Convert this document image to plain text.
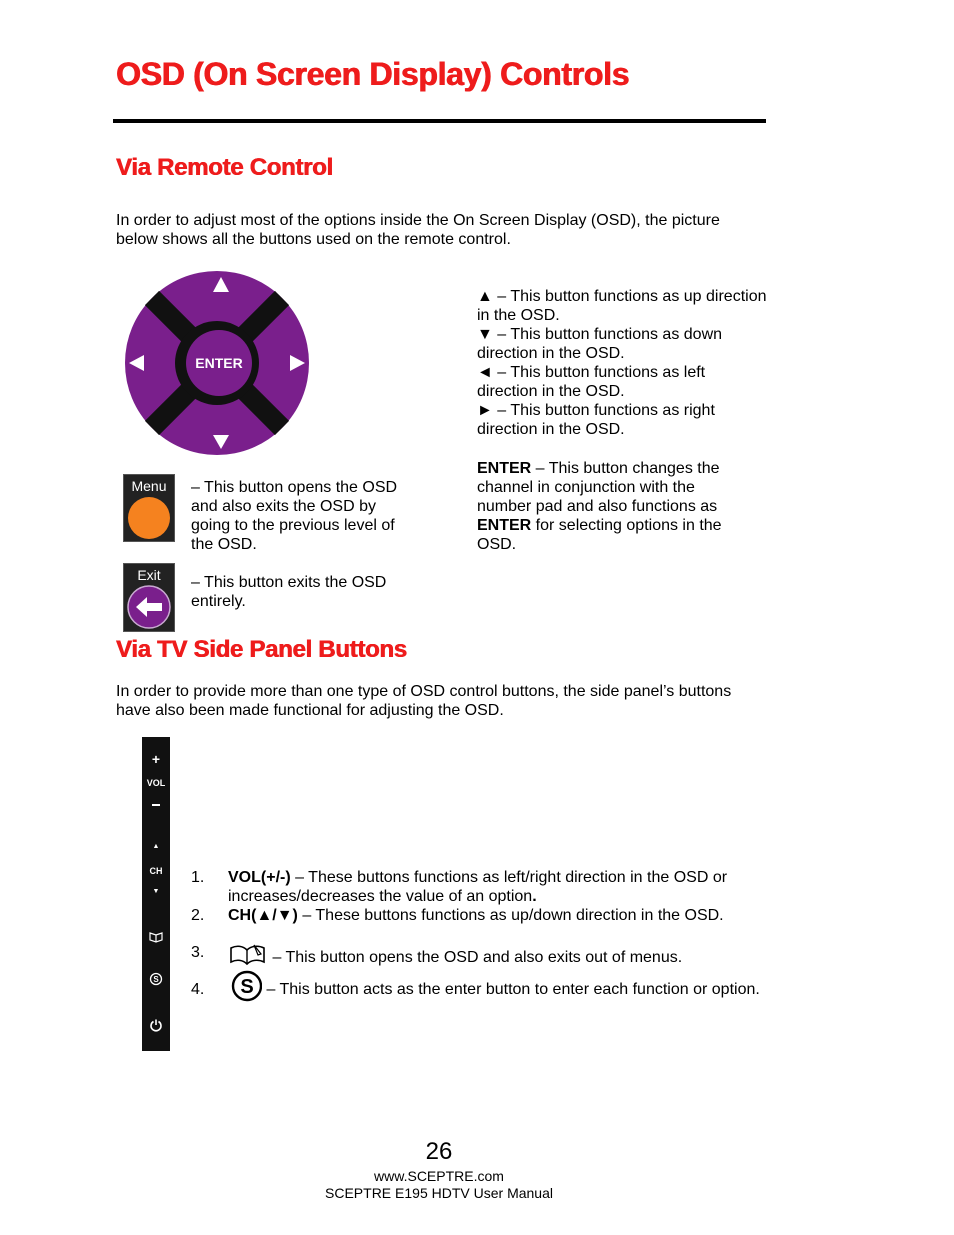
OSD (On Screen Display) Controls
Via Remote Control

In order to adjust most of the options inside the On Screen Display (OSD), the picture below shows all the buttons used on the remote control.

ENTER
▲ – This button functions as up direction in the OSD.
▼ – This button functions as down direction in the OSD.
◄ – This button functions as left direction in the OSD.
► – This button functions as right direction in the OSD.
ENTER – This button changes the channel in conjunction with the number pad and also functions as ENTER for selecting options in the OSD.
Menu	– This button opens the OSD and also exits the OSD by going to the previous level of the OSD.

Exit	– This button exits the OSD entirely.

Via TV Side Panel Buttons

In order to provide more than one type of OSD control buttons, the side panel’s buttons have also been made functional for adjusting the OSD.

+
VOL
▲
CH
▼
S
1. VOL(+/-) – These buttons functions as left/right direction in the OSD or increases/decreases the value of an option.
2. CH(▲/▼) – These buttons functions as up/down direction in the OSD.
3.	– This button opens the OSD and also exits out of menus.
4. S – This button acts as the enter button to enter each function or option.
26
www.SCEPTRE.com
SCEPTRE E195 HDTV User Manual
